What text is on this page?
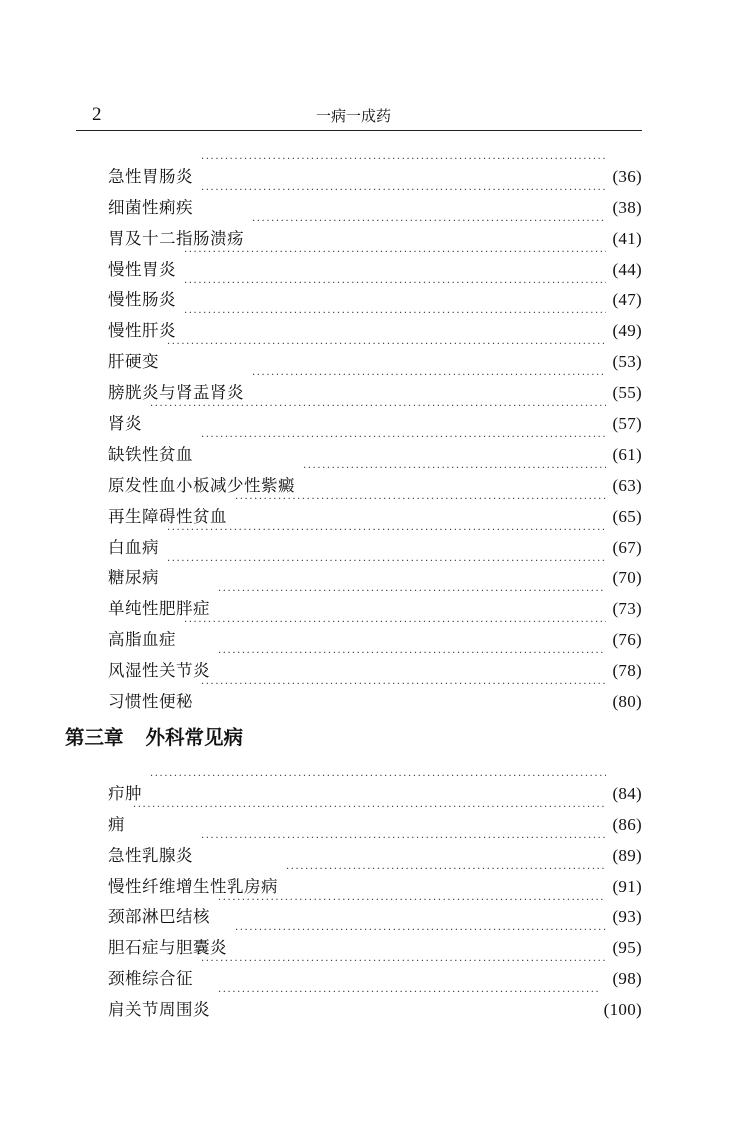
2	一病一成药
急性胃肠炎 ·····	(36)
细菌性痢疾 ·····	(38)
胃及十二指肠溃疡 ·····	(41)
慢性胃炎 ·····	(44)
慢性肠炎 ·····	(47)
慢性肝炎 ·····	(49)
肝硬变 ·····	(53)
膀胱炎与肾盂肾炎 ·····	(55)
肾炎 ·····	(57)
缺铁性贫血 ·····	(61)
原发性血小板减少性紫癜 ·····	(63)
再生障碍性贫血 ·····	(65)
白血病 ·····	(67)
糖尿病 ·····	(70)
单纯性肥胖症 ·····	(73)
高脂血症 ·····	(76)
风湿性关节炎 ·····	(78)
习惯性便秘 ·····	(80)
第三章 外科常见病
疖肿 ·····	(84)
痈 ·····	(86)
急性乳腺炎 ·····	(89)
慢性纤维增生性乳房病 ·····	(91)
颈部淋巴结核 ·····	(93)
胆石症与胆囊炎 ·····	(95)
颈椎综合征 ·····	(98)
肩关节周围炎 ·····	(100)
